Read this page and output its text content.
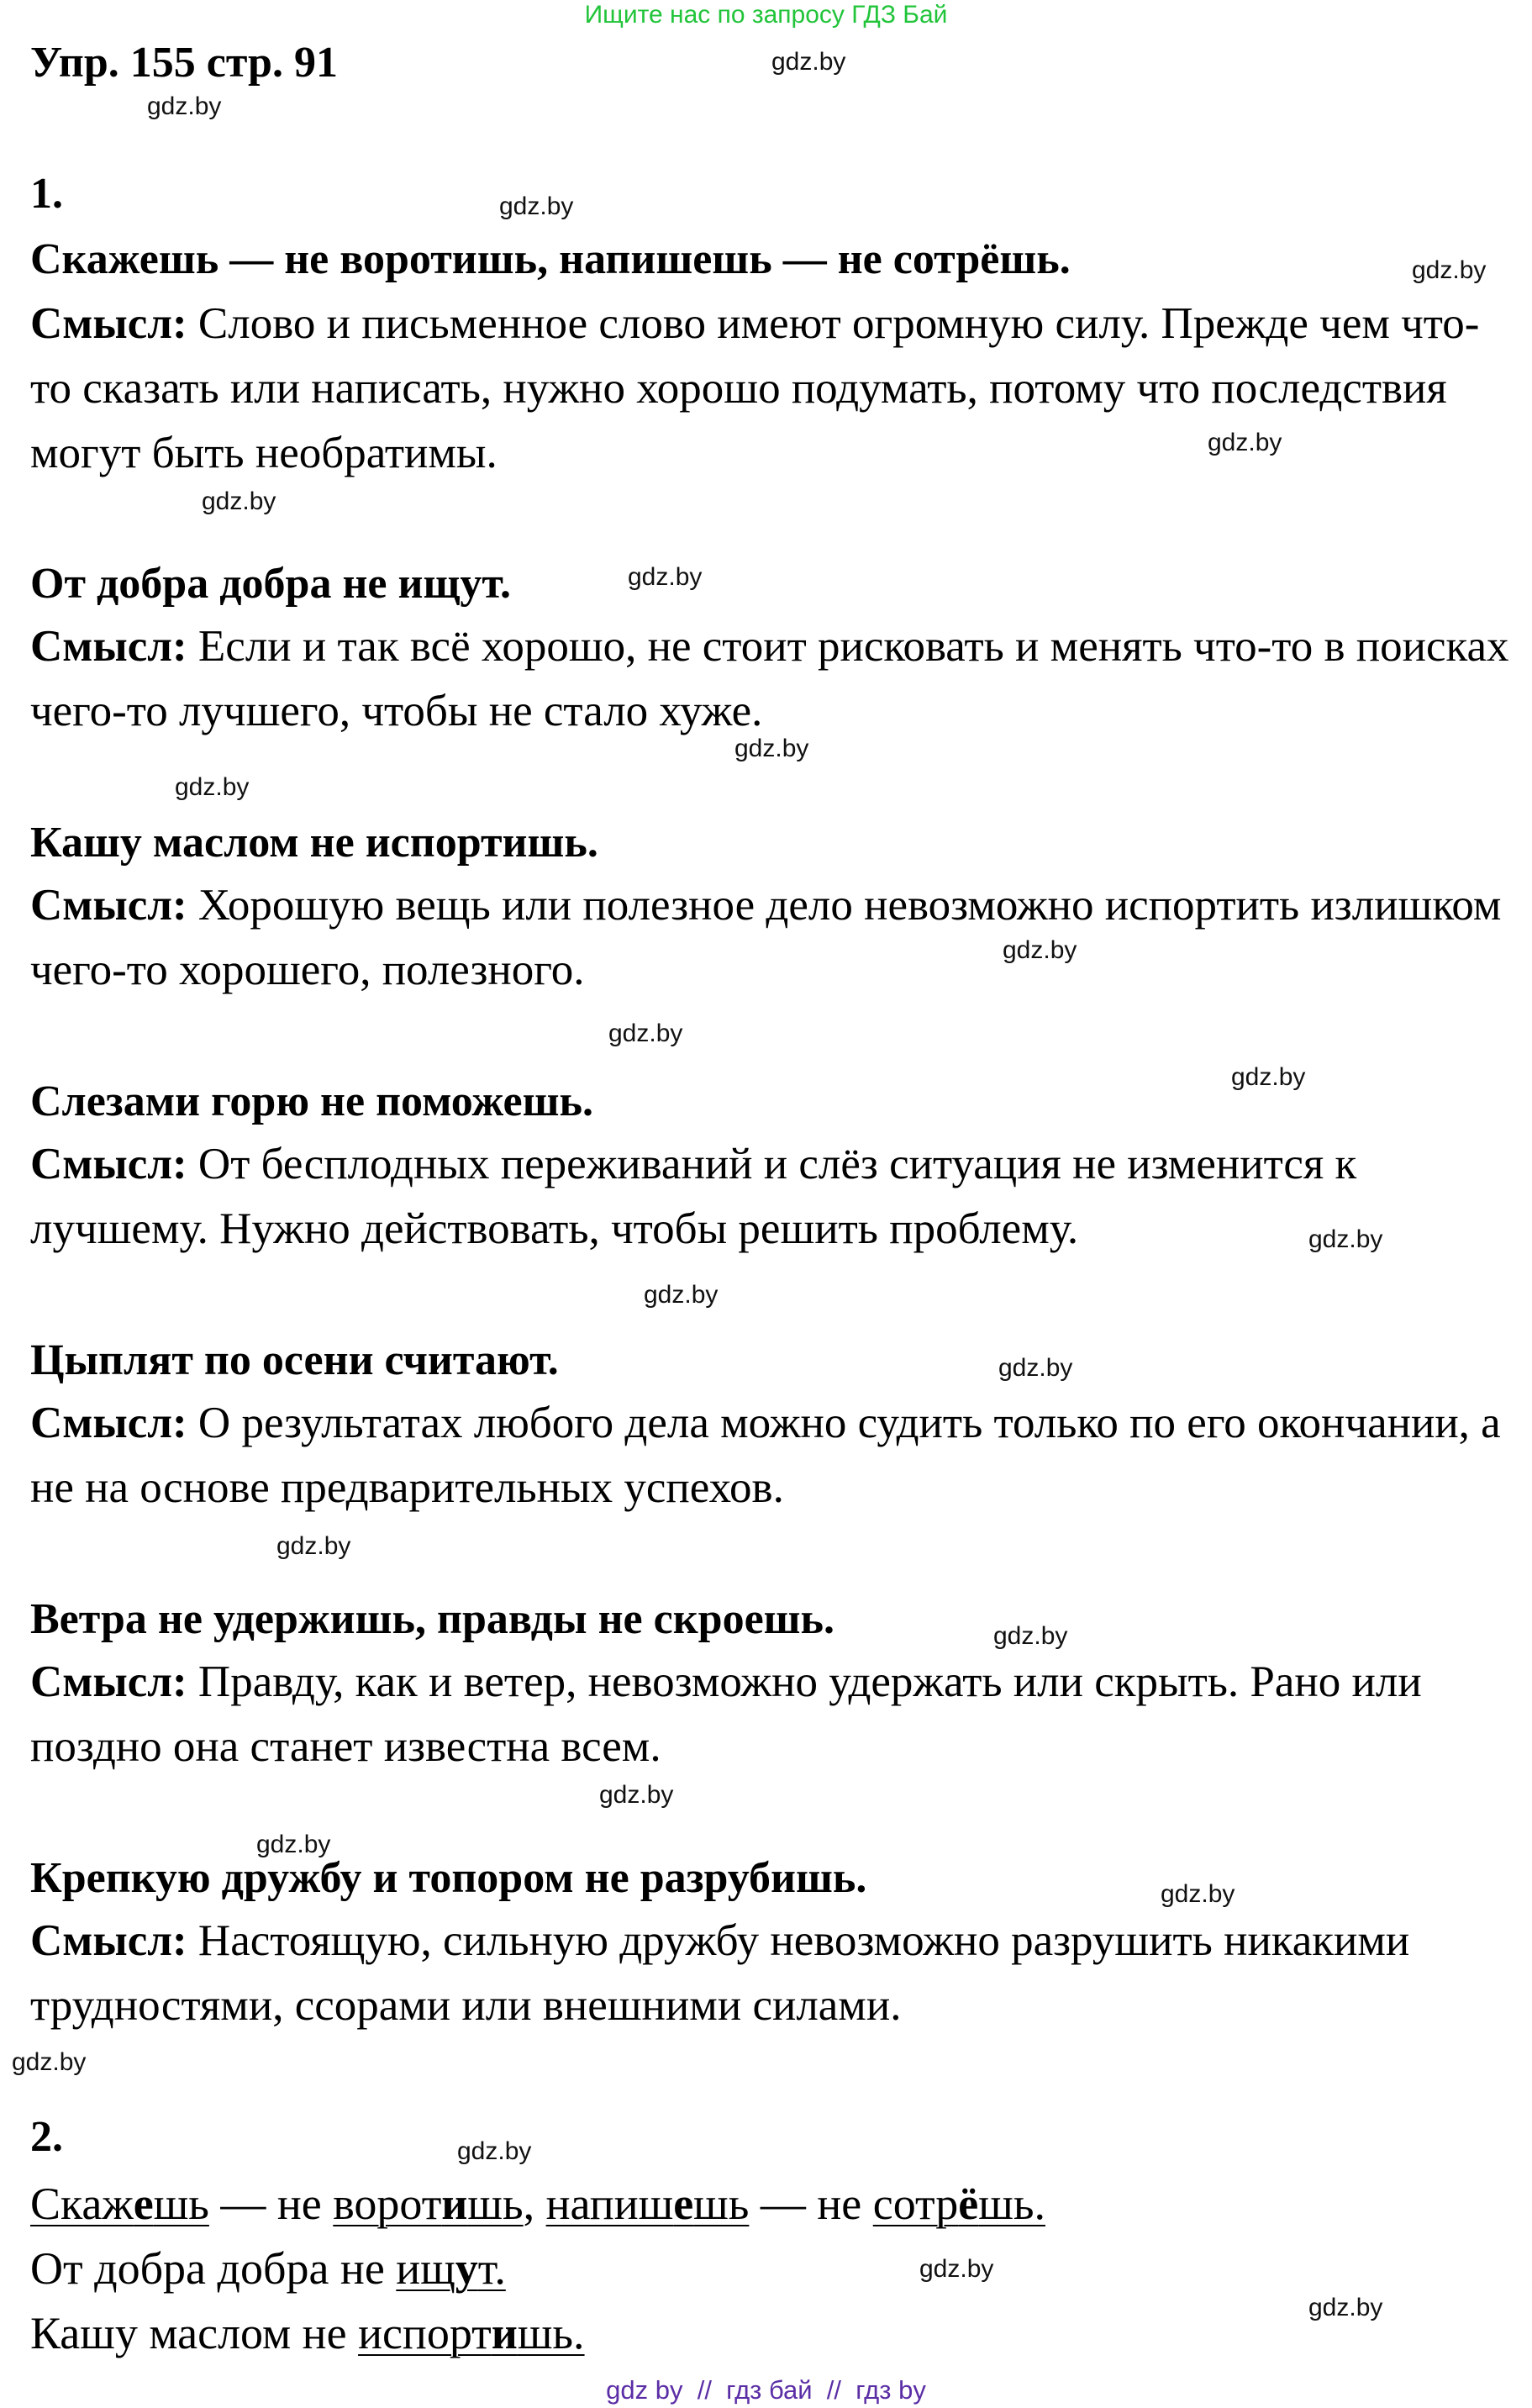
Ищите нас по запросу ГДЗ Бай
Упр. 155 стр. 91
1.
Скажешь — не воротишь, напишешь — не сотрёшь.
Смысл: Слово и письменное слово имеют огромную силу. Прежде чем что-то сказать или написать, нужно хорошо подумать, потому что последствия могут быть необратимы.
От добра добра не ищут.
Смысл: Если и так всё хорошо, не стоит рисковать и менять что-то в поисках чего-то лучшего, чтобы не стало хуже.
Кашу маслом не испортишь.
Смысл: Хорошую вещь или полезное дело невозможно испортить излишком чего-то хорошего, полезного.
Слезами горю не поможешь.
Смысл: От бесплодных переживаний и слёз ситуация не изменится к лучшему. Нужно действовать, чтобы решить проблему.
Цыплят по осени считают.
Смысл: О результатах любого дела можно судить только по его окончании, а не на основе предварительных успехов.
Ветра не удержишь, правды не скроешь.
Смысл: Правду, как и ветер, невозможно удержать или скрыть. Рано или поздно она станет известна всем.
Крепкую дружбу и топором не разрубишь.
Смысл: Настоящую, сильную дружбу невозможно разрушить никакими трудностями, ссорами или внешними силами.
2.
Скажешь — не воротишь, напишешь — не сотрёшь.
От добра добра не ищут.
Кашу маслом не испортишь.
gdz.by
gdz.by
gdz.by
gdz.by
gdz.by
gdz.by
gdz.by
gdz.by
gdz.by
gdz.by
gdz.by
gdz.by
gdz.by
gdz.by
gdz.by
gdz.by
gdz.by
gdz.by
gdz.by
gdz.by
gdz.by
gdz.by
gdz.by
gdz.by
gdz by  //  гдз бай  //  гдз by
